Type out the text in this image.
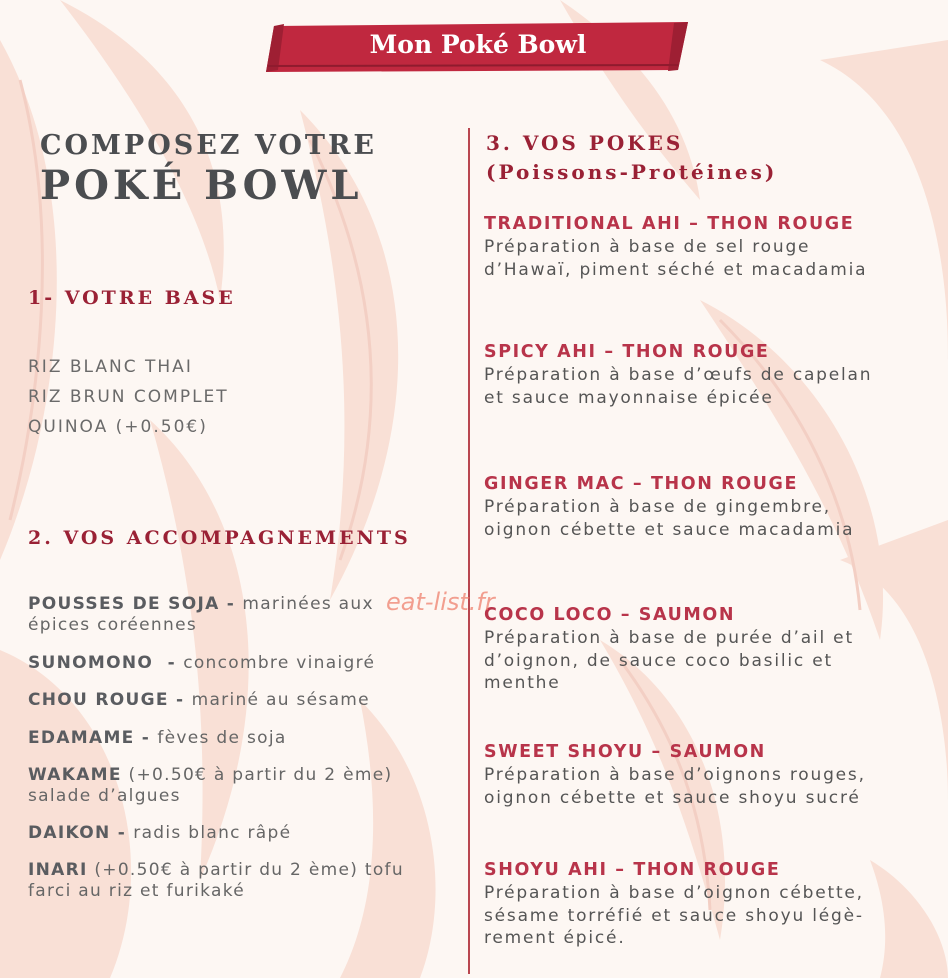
Mon Poké Bowl
COMPOSEZ VOTRE
POKÉ BOWL
1- VOTRE BASE
RIZ BLANC THAI
RIZ BRUN COMPLET
QUINOA (+0.50€)
2. VOS ACCOMPAGNEMENTS
POUSSES DE SOJA - marinées aux
épices coréennes
SUNOMONO  - concombre vinaigré
CHOU ROUGE - mariné au sésame
EDAMAME - fèves de soja
WAKAME (+0.50€ à partir du 2 ème)
salade d’algues
DAIKON - radis blanc râpé
INARI (+0.50€ à partir du 2 ème) tofu
farci au riz et furikaké
3. VOS POKES
(Poissons-Protéines)
TRADITIONAL AHI – THON ROUGE
Préparation à base de sel rouge
d’Hawaï, piment séché et macadamia
SPICY AHI – THON ROUGE
Préparation à base d’œufs de capelan
et sauce mayonnaise épicée
GINGER MAC – THON ROUGE
Préparation à base de gingembre,
oignon cébette et sauce macadamia
COCO LOCO – SAUMON
Préparation à base de purée d’ail et
d’oignon, de sauce coco basilic et
menthe
SWEET SHOYU – SAUMON
Préparation à base d’oignons rouges,
oignon cébette et sauce shoyu sucré
SHOYU AHI – THON ROUGE
Préparation à base d’oignon cébette,
sésame torréfié et sauce shoyu légè-
rement épicé.
eat-list.fr
